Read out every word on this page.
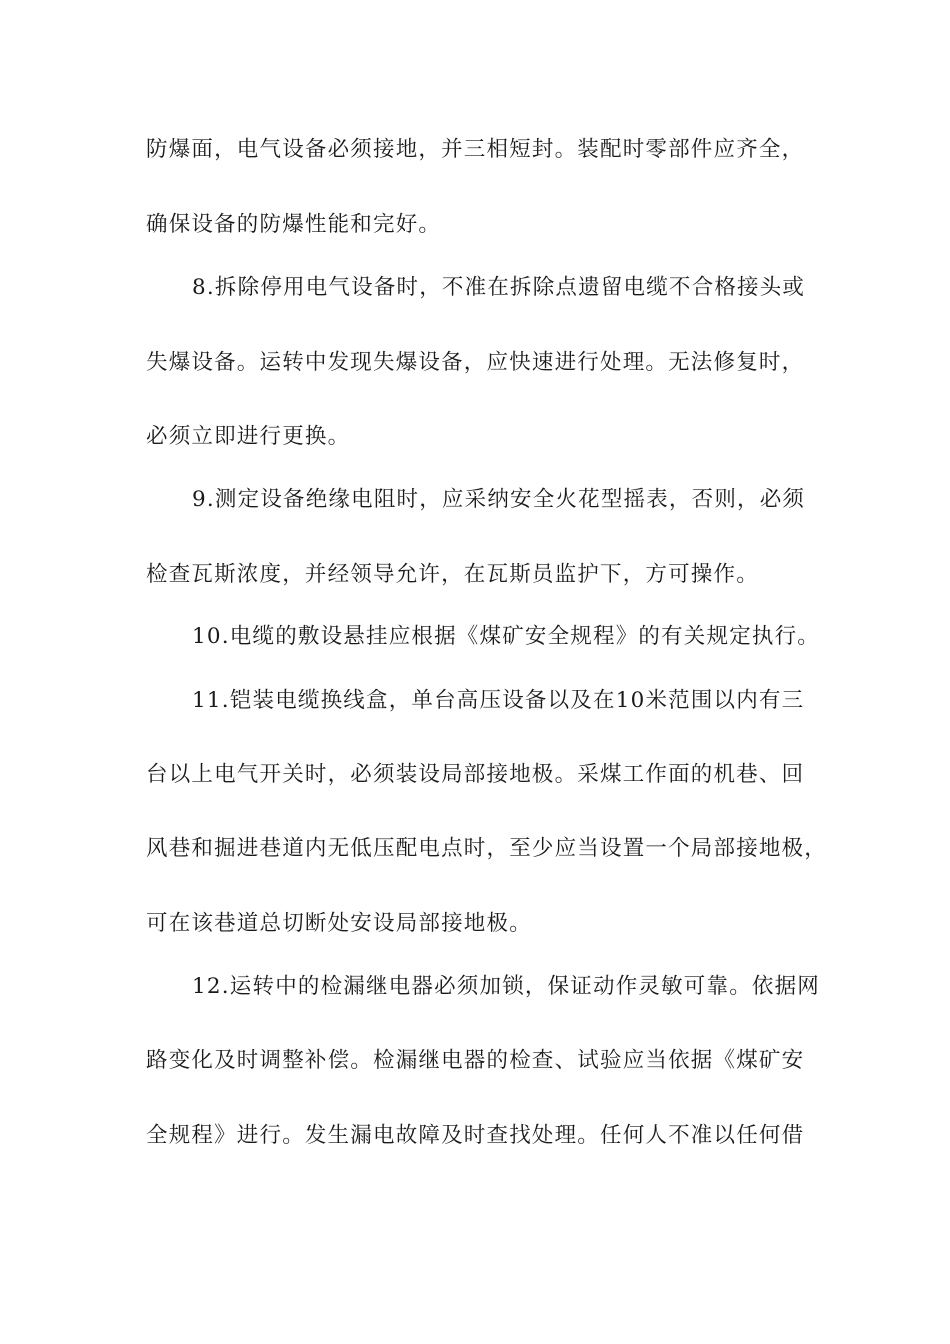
防爆面，电气设备必须接地，并三相短封。装配时零部件应齐全，
确保设备的防爆性能和完好。
8.拆除停用电气设备时，不准在拆除点遗留电缆不合格接头或
失爆设备。运转中发现失爆设备，应快速进行处理。无法修复时，
必须立即进行更换。
9.测定设备绝缘电阻时，应采纳安全火花型摇表，否则，必须
检查瓦斯浓度，并经领导允许，在瓦斯员监护下，方可操作。
10.电缆的敷设悬挂应根据《煤矿安全规程》的有关规定执行。
11.铠装电缆换线盒，单台高压设备以及在10米范围以内有三
台以上电气开关时，必须装设局部接地极。采煤工作面的机巷、回
风巷和掘进巷道内无低压配电点时，至少应当设置一个局部接地极，
可在该巷道总切断处安设局部接地极。
12.运转中的检漏继电器必须加锁，保证动作灵敏可靠。依据网
路变化及时调整补偿。检漏继电器的检查、试验应当依据《煤矿安
全规程》进行。发生漏电故障及时查找处理。任何人不准以任何借
